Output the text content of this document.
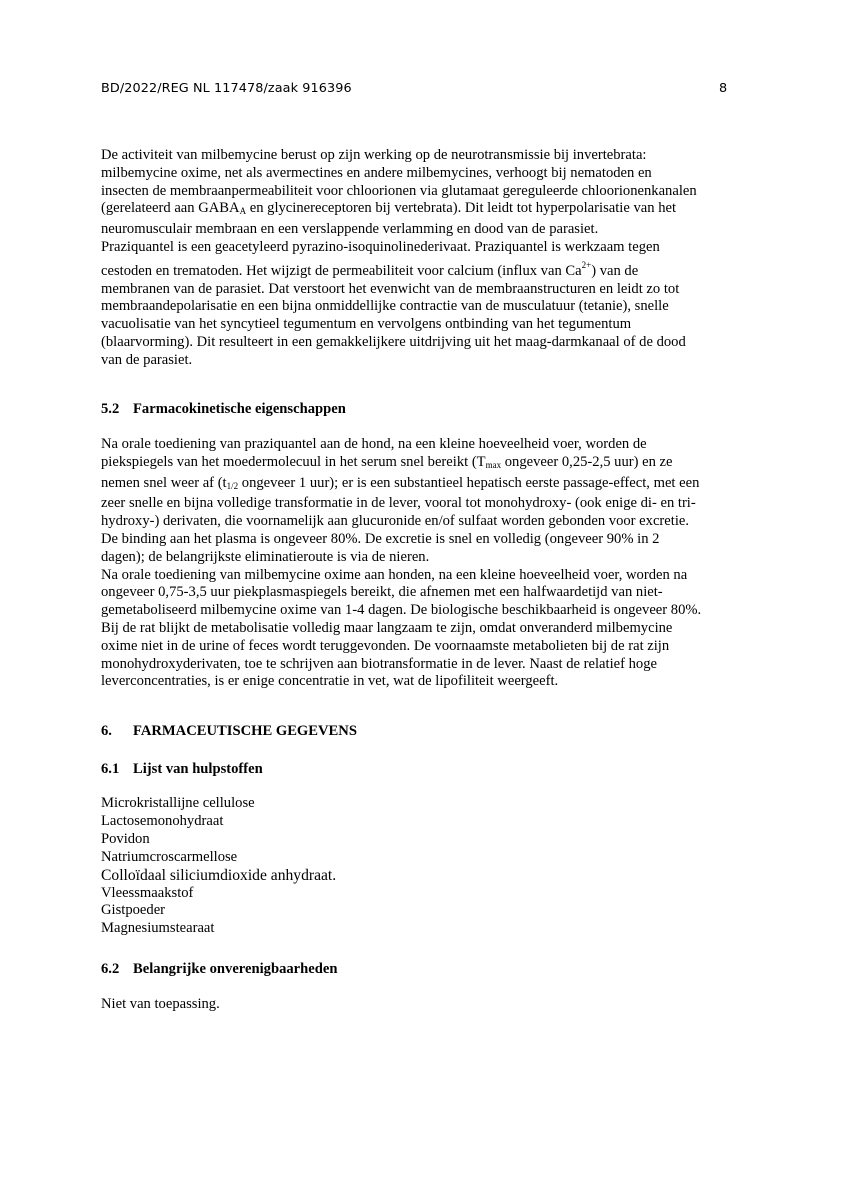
BD/2022/REG NL 117478/zaak 916396	8
De activiteit van milbemycine berust op zijn werking op de neurotransmissie bij invertebrata:
milbemycine oxime, net als avermectines en andere milbemycines, verhoogt bij nematoden en
insecten de membraanpermeabiliteit voor chloorionen via glutamaat gereguleerde chloorionenkanalen
(gerelateerd aan $GABA_A$ en glycinereceptoren bij vertebrata). Dit leidt tot hyperpolarisatie van het
neuromusculair membraan en een verslappende verlamming en dood van de parasiet.
Praziquantel is een geacetyleerd pyrazino-isoquinolinederivaat. Praziquantel is werkzaam tegen
cestoden en trematoden. Het wijzigt de permeabiliteit voor calcium (influx van $Ca^{2+}$) van de
membranen van de parasiet. Dat verstoort het evenwicht van de membraanstructuren en leidt zo tot
membraandepolarisatie en een bijna onmiddellijke contractie van de musculatuur (tetanie), snelle
vacuolisatie van het syncytieel tegumentum en vervolgens ontbinding van het tegumentum
(blaarvorming). Dit resulteert in een gemakkelijkere uitdrijving uit het maag-darmkanaal of de dood
van de parasiet.
5.2 Farmacokinetische eigenschappen
Na orale toediening van praziquantel aan de hond, na een kleine hoeveelheid voer, worden de
piekspiegels van het moedermolecuul in het serum snel bereikt ($T_{max}$ ongeveer 0,25-2,5 uur) en ze
nemen snel weer af ($t_{1/2}$ ongeveer 1 uur); er is een substantieel hepatisch eerste passage-effect, met een
zeer snelle en bijna volledige transformatie in de lever, vooral tot monohydroxy- (ook enige di- en tri-
hydroxy-) derivaten, die voornamelijk aan glucuronide en/of sulfaat worden gebonden voor excretie.
De binding aan het plasma is ongeveer 80%. De excretie is snel en volledig (ongeveer 90% in 2
dagen); de belangrijkste eliminatieroute is via de nieren.
Na orale toediening van milbemycine oxime aan honden, na een kleine hoeveelheid voer, worden na
ongeveer 0,75-3,5 uur piekplasmaspiegels bereikt, die afnemen met een halfwaardetijd van niet-
gemetaboliseerd milbemycine oxime van 1-4 dagen. De biologische beschikbaarheid is ongeveer 80%.
Bij de rat blijkt de metabolisatie volledig maar langzaam te zijn, omdat onveranderd milbemycine
oxime niet in de urine of feces wordt teruggevonden. De voornaamste metabolieten bij de rat zijn
monohydroxyderivaten, toe te schrijven aan biotransformatie in de lever. Naast de relatief hoge
leverconcentraties, is er enige concentratie in vet, wat de lipofiliteit weergeeft.
6. FARMACEUTISCHE GEGEVENS
6.1 Lijst van hulpstoffen
Microkristallijne cellulose
Lactosemonohydraat
Povidon
Natriumcroscarmellose
Colloïdaal siliciumdioxide anhydraat.
Vleessmaakstof
Gistpoeder
Magnesiumstearaat
6.2 Belangrijke onverenigbaarheden
Niet van toepassing.
